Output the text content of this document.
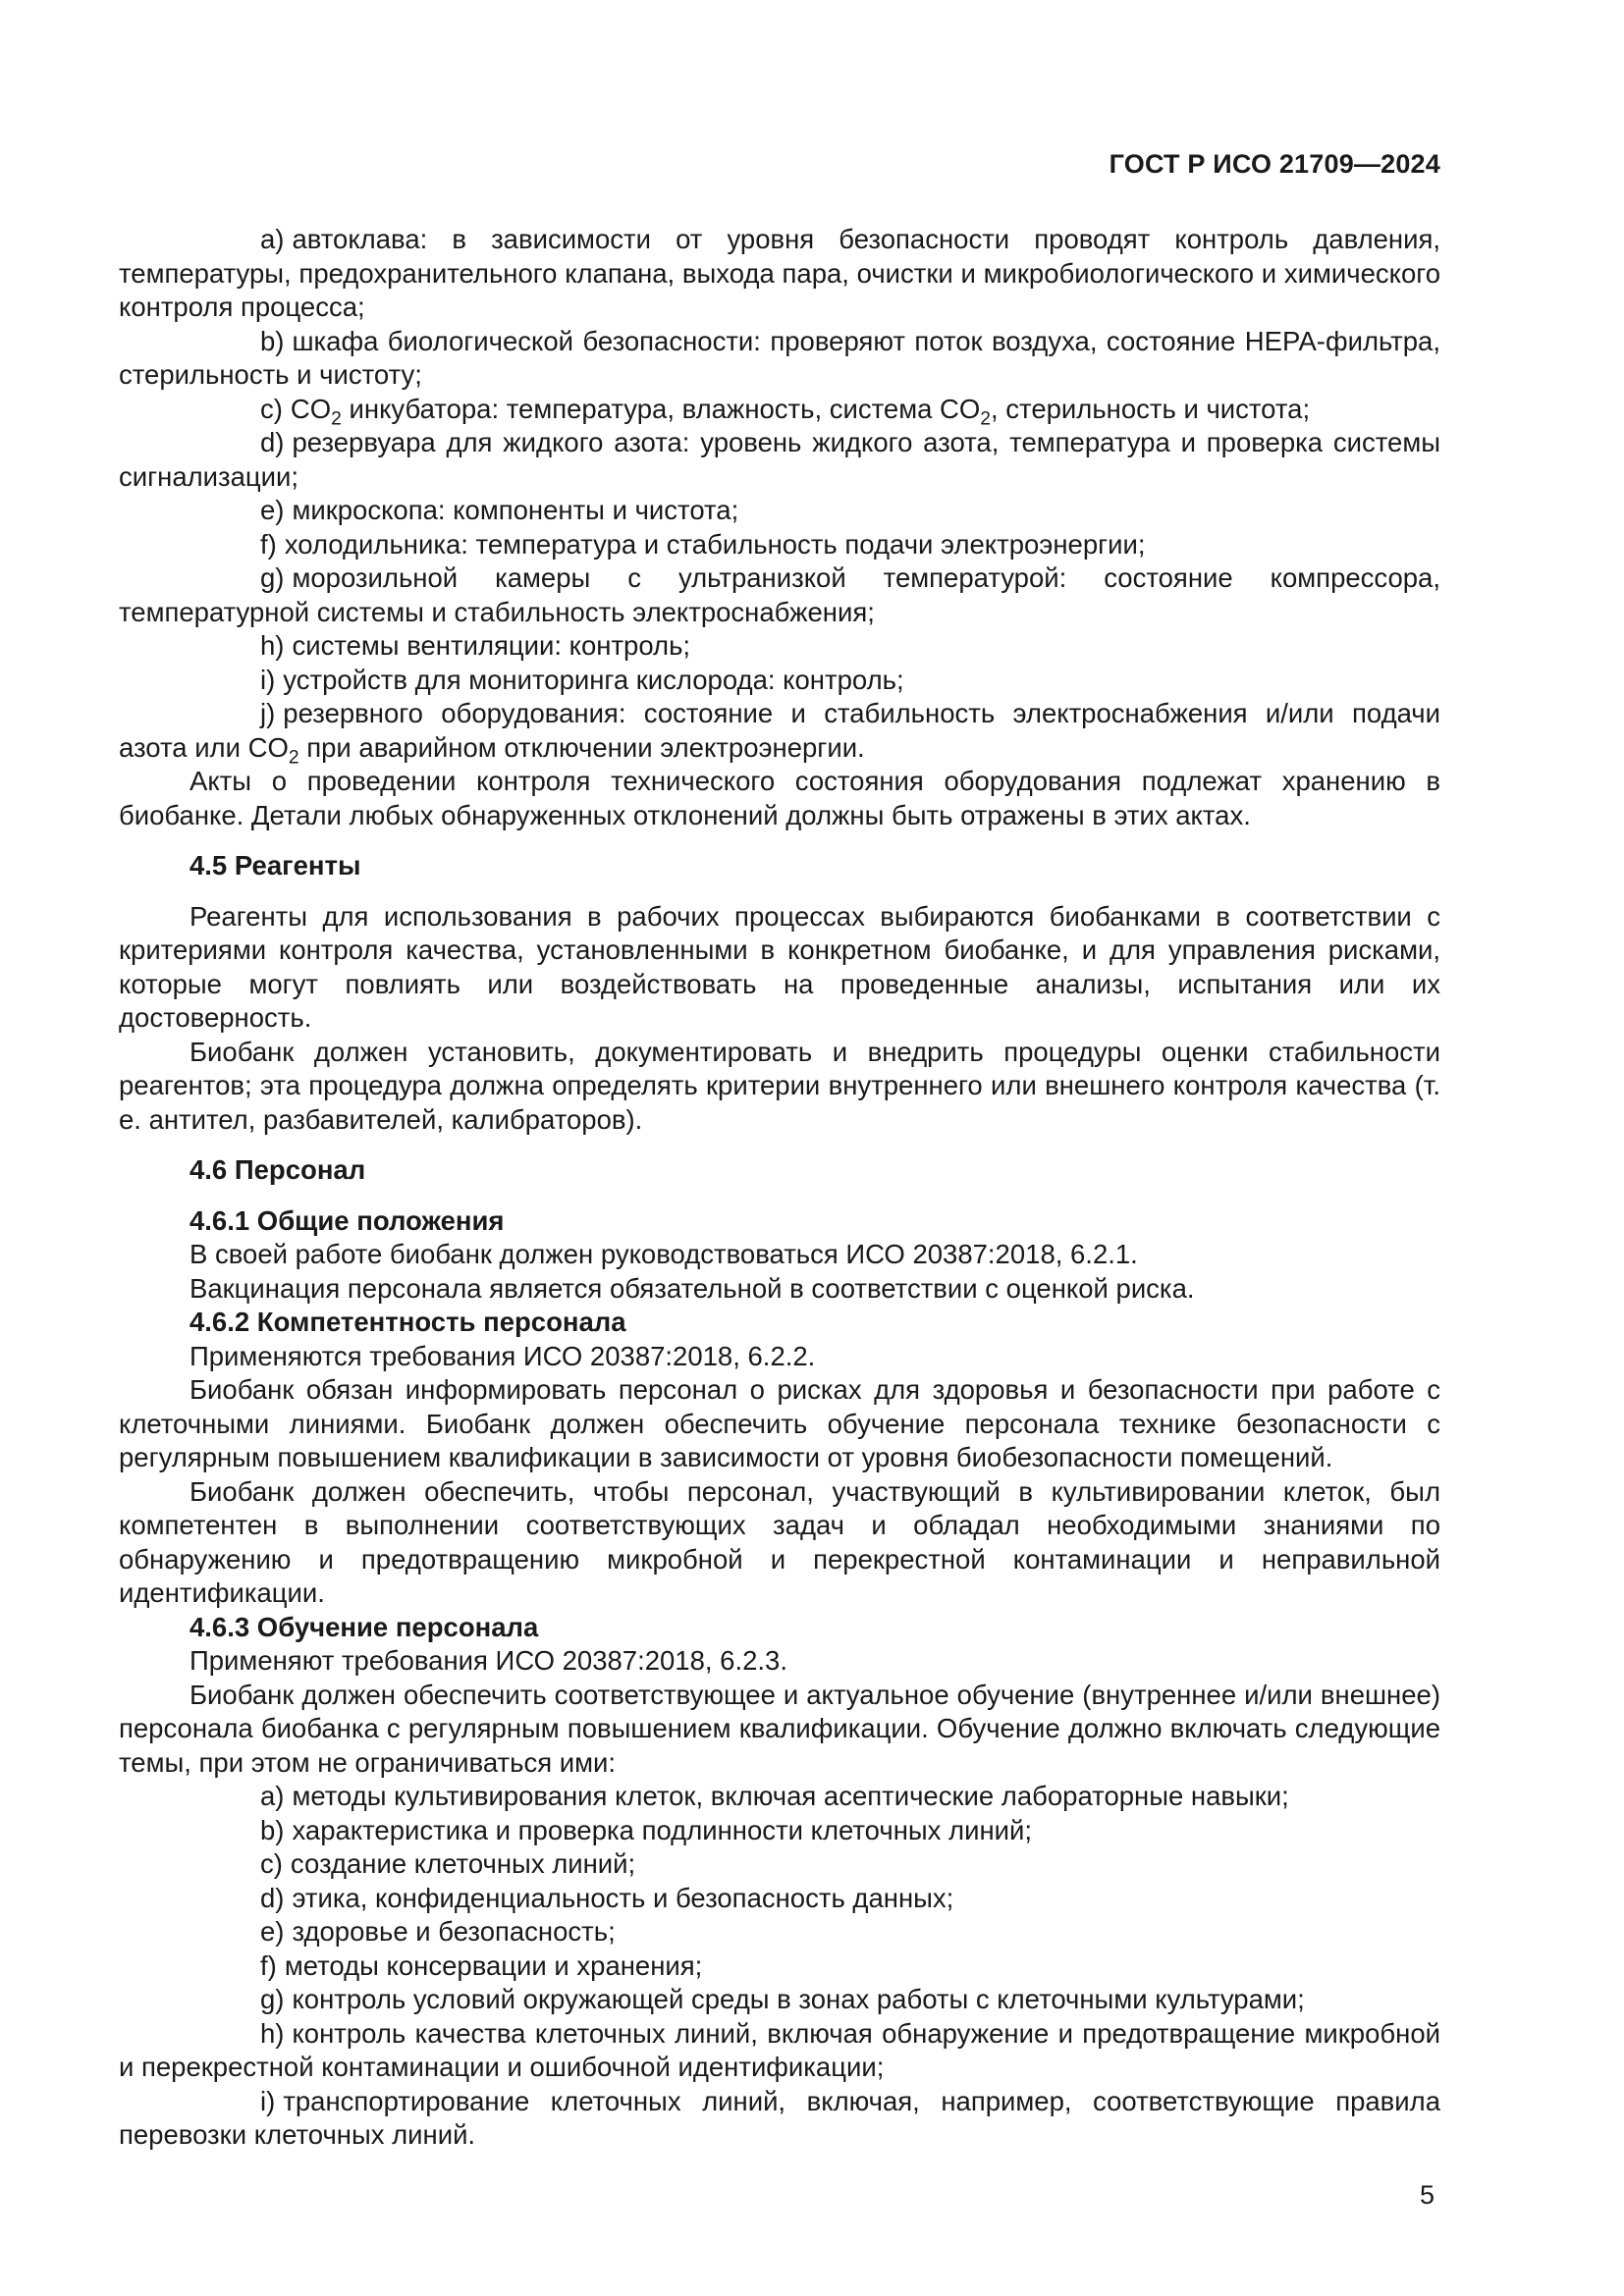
ГОСТ Р ИСО 21709—2024

a) автоклава: в зависимости от уровня безопасности проводят контроль давления, температуры, предохранительного клапана, выхода пара, очистки и микробиологического и химического контроля процесса;

b) шкафа биологической безопасности: проверяют поток воздуха, состояние НЕРА-фильтра, стерильность и чистоту;

c) $CO_2$ инкубатора: температура, влажность, система $CO_2$, стерильность и чистота;

d) резервуара для жидкого азота: уровень жидкого азота, температура и проверка системы сигнализации;

e) микроскопа: компоненты и чистота;

f) холодильника: температура и стабильность подачи электроэнергии;

g) морозильной камеры с ультранизкой температурой: состояние компрессора, температурной системы и стабильность электроснабжения;

h) системы вентиляции: контроль;

i) устройств для мониторинга кислорода: контроль;

j) резервного оборудования: состояние и стабильность электроснабжения и/или подачи азота или $CO_2$ при аварийном отключении электроэнергии.

Акты о проведении контроля технического состояния оборудования подлежат хранению в биобанке. Детали любых обнаруженных отклонений должны быть отражены в этих актах.

4.5 Реагенты

Реагенты для использования в рабочих процессах выбираются биобанками в соответствии с критериями контроля качества, установленными в конкретном биобанке, и для управления рисками, которые могут повлиять или воздействовать на проведенные анализы, испытания или их достоверность.

Биобанк должен установить, документировать и внедрить процедуры оценки стабильности реагентов; эта процедура должна определять критерии внутреннего или внешнего контроля качества (т. е. антител, разбавителей, калибраторов).

4.6 Персонал

4.6.1 Общие положения

В своей работе биобанк должен руководствоваться ИСО 20387:2018, 6.2.1.

Вакцинация персонала является обязательной в соответствии с оценкой риска.

4.6.2 Компетентность персонала

Применяются требования ИСО 20387:2018, 6.2.2.

Биобанк обязан информировать персонал о рисках для здоровья и безопасности при работе с клеточными линиями. Биобанк должен обеспечить обучение персонала технике безопасности с регулярным повышением квалификации в зависимости от уровня биобезопасности помещений.

Биобанк должен обеспечить, чтобы персонал, участвующий в культивировании клеток, был компетентен в выполнении соответствующих задач и обладал необходимыми знаниями по обнаружению и предотвращению микробной и перекрестной контаминации и неправильной идентификации.

4.6.3 Обучение персонала

Применяют требования ИСО 20387:2018, 6.2.3.

Биобанк должен обеспечить соответствующее и актуальное обучение (внутреннее и/или внешнее) персонала биобанка с регулярным повышением квалификации. Обучение должно включать следующие темы, при этом не ограничиваться ими:

a) методы культивирования клеток, включая асептические лабораторные навыки;

b) характеристика и проверка подлинности клеточных линий;

c) создание клеточных линий;

d) этика, конфиденциальность и безопасность данных;

e) здоровье и безопасность;

f) методы консервации и хранения;

g) контроль условий окружающей среды в зонах работы с клеточными культурами;

h) контроль качества клеточных линий, включая обнаружение и предотвращение микробной и перекрестной контаминации и ошибочной идентификации;

i) транспортирование клеточных линий, включая, например, соответствующие правила перевозки клеточных линий.

5
